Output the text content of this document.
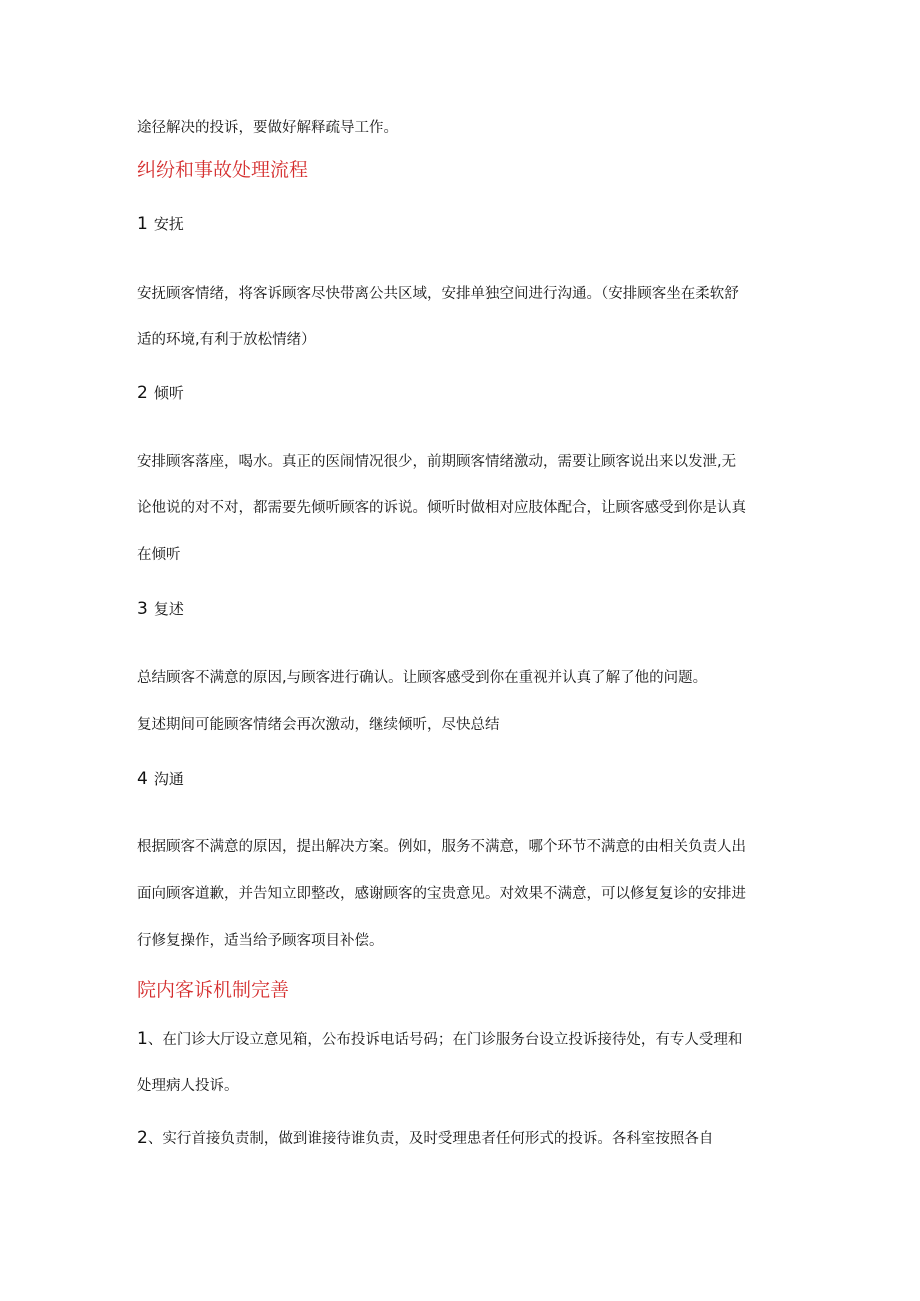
途径解决的投诉，要做好解释疏导工作。

纠纷和事故处理流程

1 安抚

安抚顾客情绪，将客诉顾客尽快带离公共区域，安排单独空间进行沟通。（安排顾客坐在柔软舒

适的环境,有利于放松情绪）

2 倾听

安排顾客落座，喝水。真正的医闹情况很少，前期顾客情绪激动，需要让顾客说出来以发泄,无

论他说的对不对，都需要先倾听顾客的诉说。倾听时做相对应肢体配合，让顾客感受到你是认真

在倾听

3 复述

总结顾客不满意的原因,与顾客进行确认。让顾客感受到你在重视并认真了解了他的问题。

复述期间可能顾客情绪会再次激动，继续倾听，尽快总结

4 沟通

根据顾客不满意的原因，提出解决方案。例如，服务不满意，哪个环节不满意的由相关负责人出

面向顾客道歉，并告知立即整改，感谢顾客的宝贵意见。对效果不满意，可以修复复诊的安排进

行修复操作，适当给予顾客项目补偿。

院内客诉机制完善

1、在门诊大厅设立意见箱，公布投诉电话号码；在门诊服务台设立投诉接待处，有专人受理和

处理病人投诉。

2、实行首接负责制，做到谁接待谁负责，及时受理患者任何形式的投诉。各科室按照各自
